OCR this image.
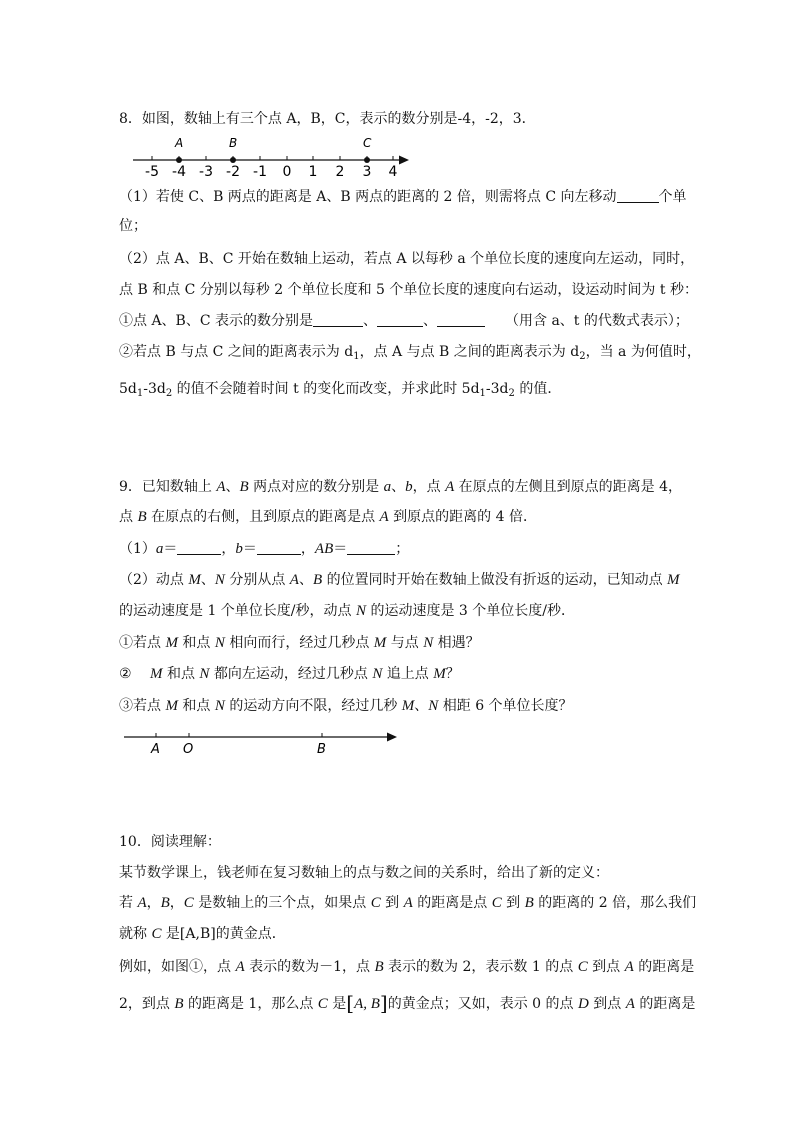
8．如图，数轴上有三个点 A，B，C，表示的数分别是-4，-2，3．
A	B	C
-5 -4 -3 -2 -1 0 1 2 3 4
（1）若使 C、B 两点的距离是 A、B 两点的距离的 2 倍，则需将点 C 向左移动	个单
位；
（2）点 A、B、C 开始在数轴上运动，若点 A 以每秒 a 个单位长度的速度向左运动，同时，
点 B 和点 C 分别以每秒 2 个单位长度和 5 个单位长度的速度向右运动，设运动时间为 t 秒：
①点 A、B、C 表示的数分别是	、	、	（用含 a、t 的代数式表示）；
②若点 B 与点 C 之间的距离表示为 $d_1$，点 A 与点 B 之间的距离表示为 $d_2$，当 a 为何值时，
$5d_1-3d_2$ 的值不会随着时间 t 的变化而改变，并求此时 $5d_1-3d_2$ 的值．
9．已知数轴上 A、B 两点对应的数分别是 a、b，点 A 在原点的左侧且到原点的距离是 4，
点 B 在原点的右侧，且到原点的距离是点 A 到原点的距离的 4 倍．
（1）a＝	，b＝	，AB＝	；
（2）动点 M、N 分别从点 A、B 的位置同时开始在数轴上做没有折返的运动，已知动点 M
的运动速度是 1 个单位长度/秒，动点 N 的运动速度是 3 个单位长度/秒．
①若点 M 和点 N 相向而行，经过几秒点 M 与点 N 相遇？
② M 和点 N 都向左运动，经过几秒点 N 追上点 M？
③若点 M 和点 N 的运动方向不限，经过几秒 M、N 相距 6 个单位长度？
A O	B
10．阅读理解：
某节数学课上，钱老师在复习数轴上的点与数之间的关系时，给出了新的定义：
若 A，B，C 是数轴上的三个点，如果点 C 到 A 的距离是点 C 到 B 的距离的 2 倍，那么我们
就称 C 是[A,B]的黄金点．
例如，如图①，点 A 表示的数为－1，点 B 表示的数为 2，表示数 1 的点 C 到点 A 的距离是
2，到点 B 的距离是 1，那么点 C 是[A, B]的黄金点；又如，表示 0 的点 D 到点 A 的距离是
